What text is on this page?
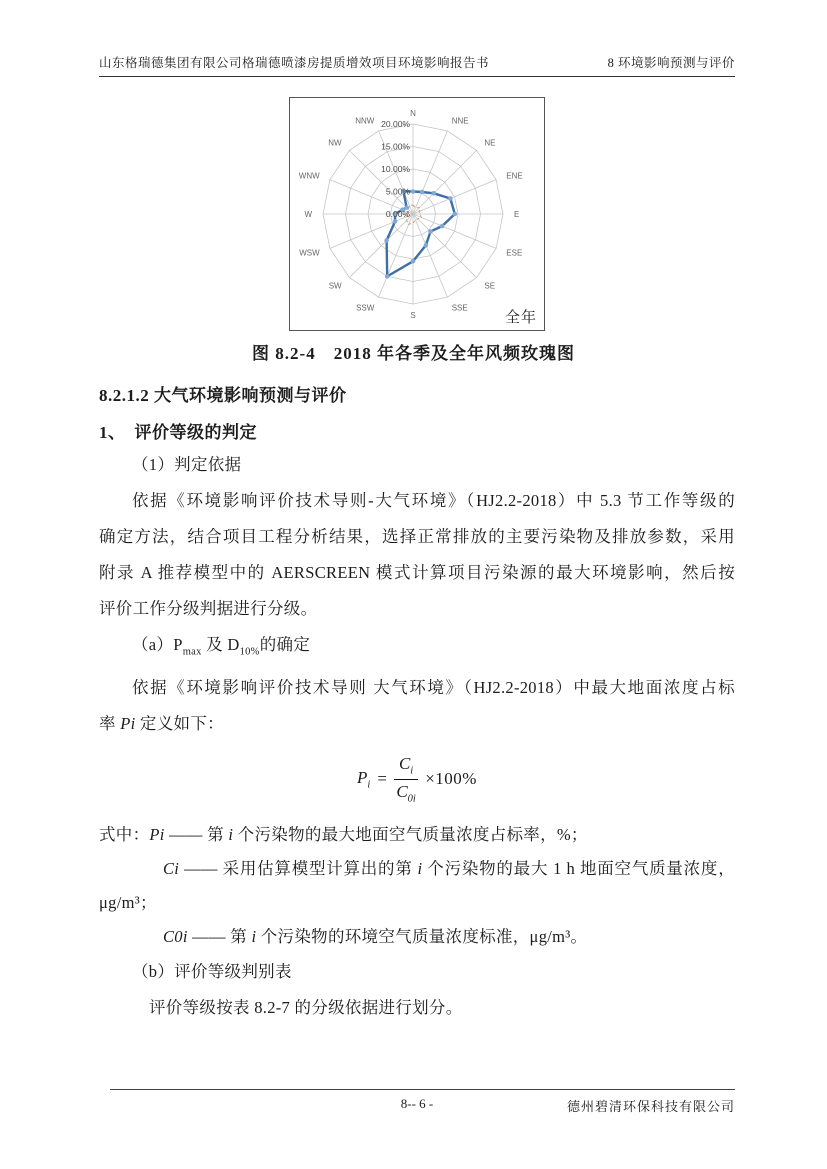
山东格瑞德集团有限公司格瑞德喷漆房提质增效项目环境影响报告书	8 环境影响预测与评价
N
NNE
NE
ENE
E
ESE
SE
SSE
S
SSW
SW
WSW
W
WNW
NW
NNW
0.00%
5.00%
10.00%
15.00%
20.00%
全年
图 8.2-4　2018 年各季及全年风频玫瑰图
8.2.1.2 大气环境影响预测与评价
1、　评价等级的判定
（1）判定依据
依据《环境影响评价技术导则-大气环境》（HJ2.2-2018）中 5.3 节工作等级的
确定方法，结合项目工程分析结果，选择正常排放的主要污染物及排放参数，采用
附录 A 推荐模型中的 AERSCREEN 模式计算项目污染源的最大环境影响，然后按
评价工作分级判据进行分级。
$(a)P_{max}$ 及 $D_{10\%}$的确定
依据《环境影响评价技术导则 大气环境》（HJ2.2-2018）中最大地面浓度占标
率 Pi 定义如下：
$P_i = \frac{C_i}{C_{0i}} \times 100\%$
式中：Pi —— 第 i 个污染物的最大地面空气质量浓度占标率，%；
Ci —— 采用估算模型计算出的第 i 个污染物的最大 1 h 地面空气质量浓度，
μg/m³；
C0i —— 第 i 个污染物的环境空气质量浓度标准，μg/m³。
（b）评价等级判别表
评价等级按表 8.2-7 的分级依据进行划分。
8-- 6 -	德州碧清环保科技有限公司
